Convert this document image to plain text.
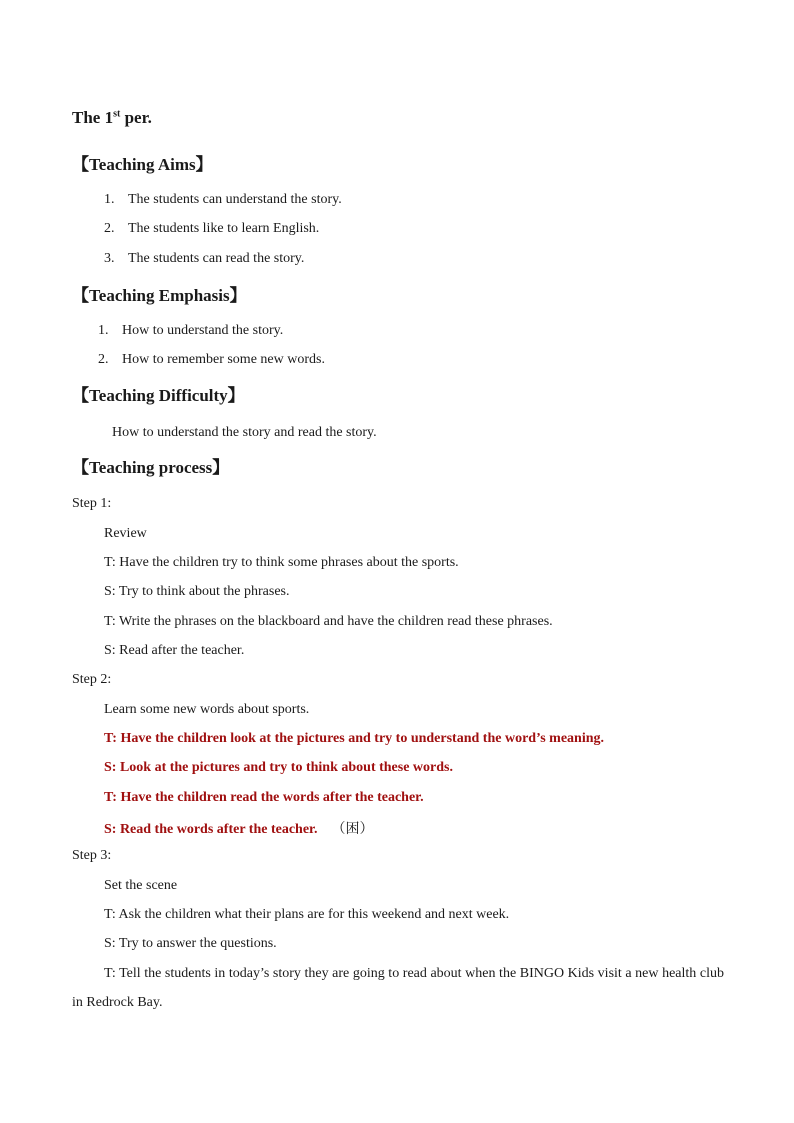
The 1st per.
【Teaching Aims】
1. The students can understand the story.
2. The students like to learn English.
3. The students can read the story.
【Teaching Emphasis】
1. How to understand the story.
2. How to remember some new words.
【Teaching Difficulty】
How to understand the story and read the story.
【Teaching process】
Step 1:
Review
T: Have the children try to think some phrases about the sports.
S: Try to think about the phrases.
T: Write the phrases on the blackboard and have the children read these phrases.
S: Read after the teacher.
Step 2:
Learn some new words about sports.
T: Have the children look at the pictures and try to understand the word’s meaning.
S: Look at the pictures and try to think about these words.
T: Have the children read the words after the teacher.
S: Read the words after the teacher. （困）
Step 3:
Set the scene
T: Ask the children what their plans are for this weekend and next week.
S: Try to answer the questions.
T: Tell the students in today’s story they are going to read about when the BINGO Kids visit a new health club in Redrock Bay.
